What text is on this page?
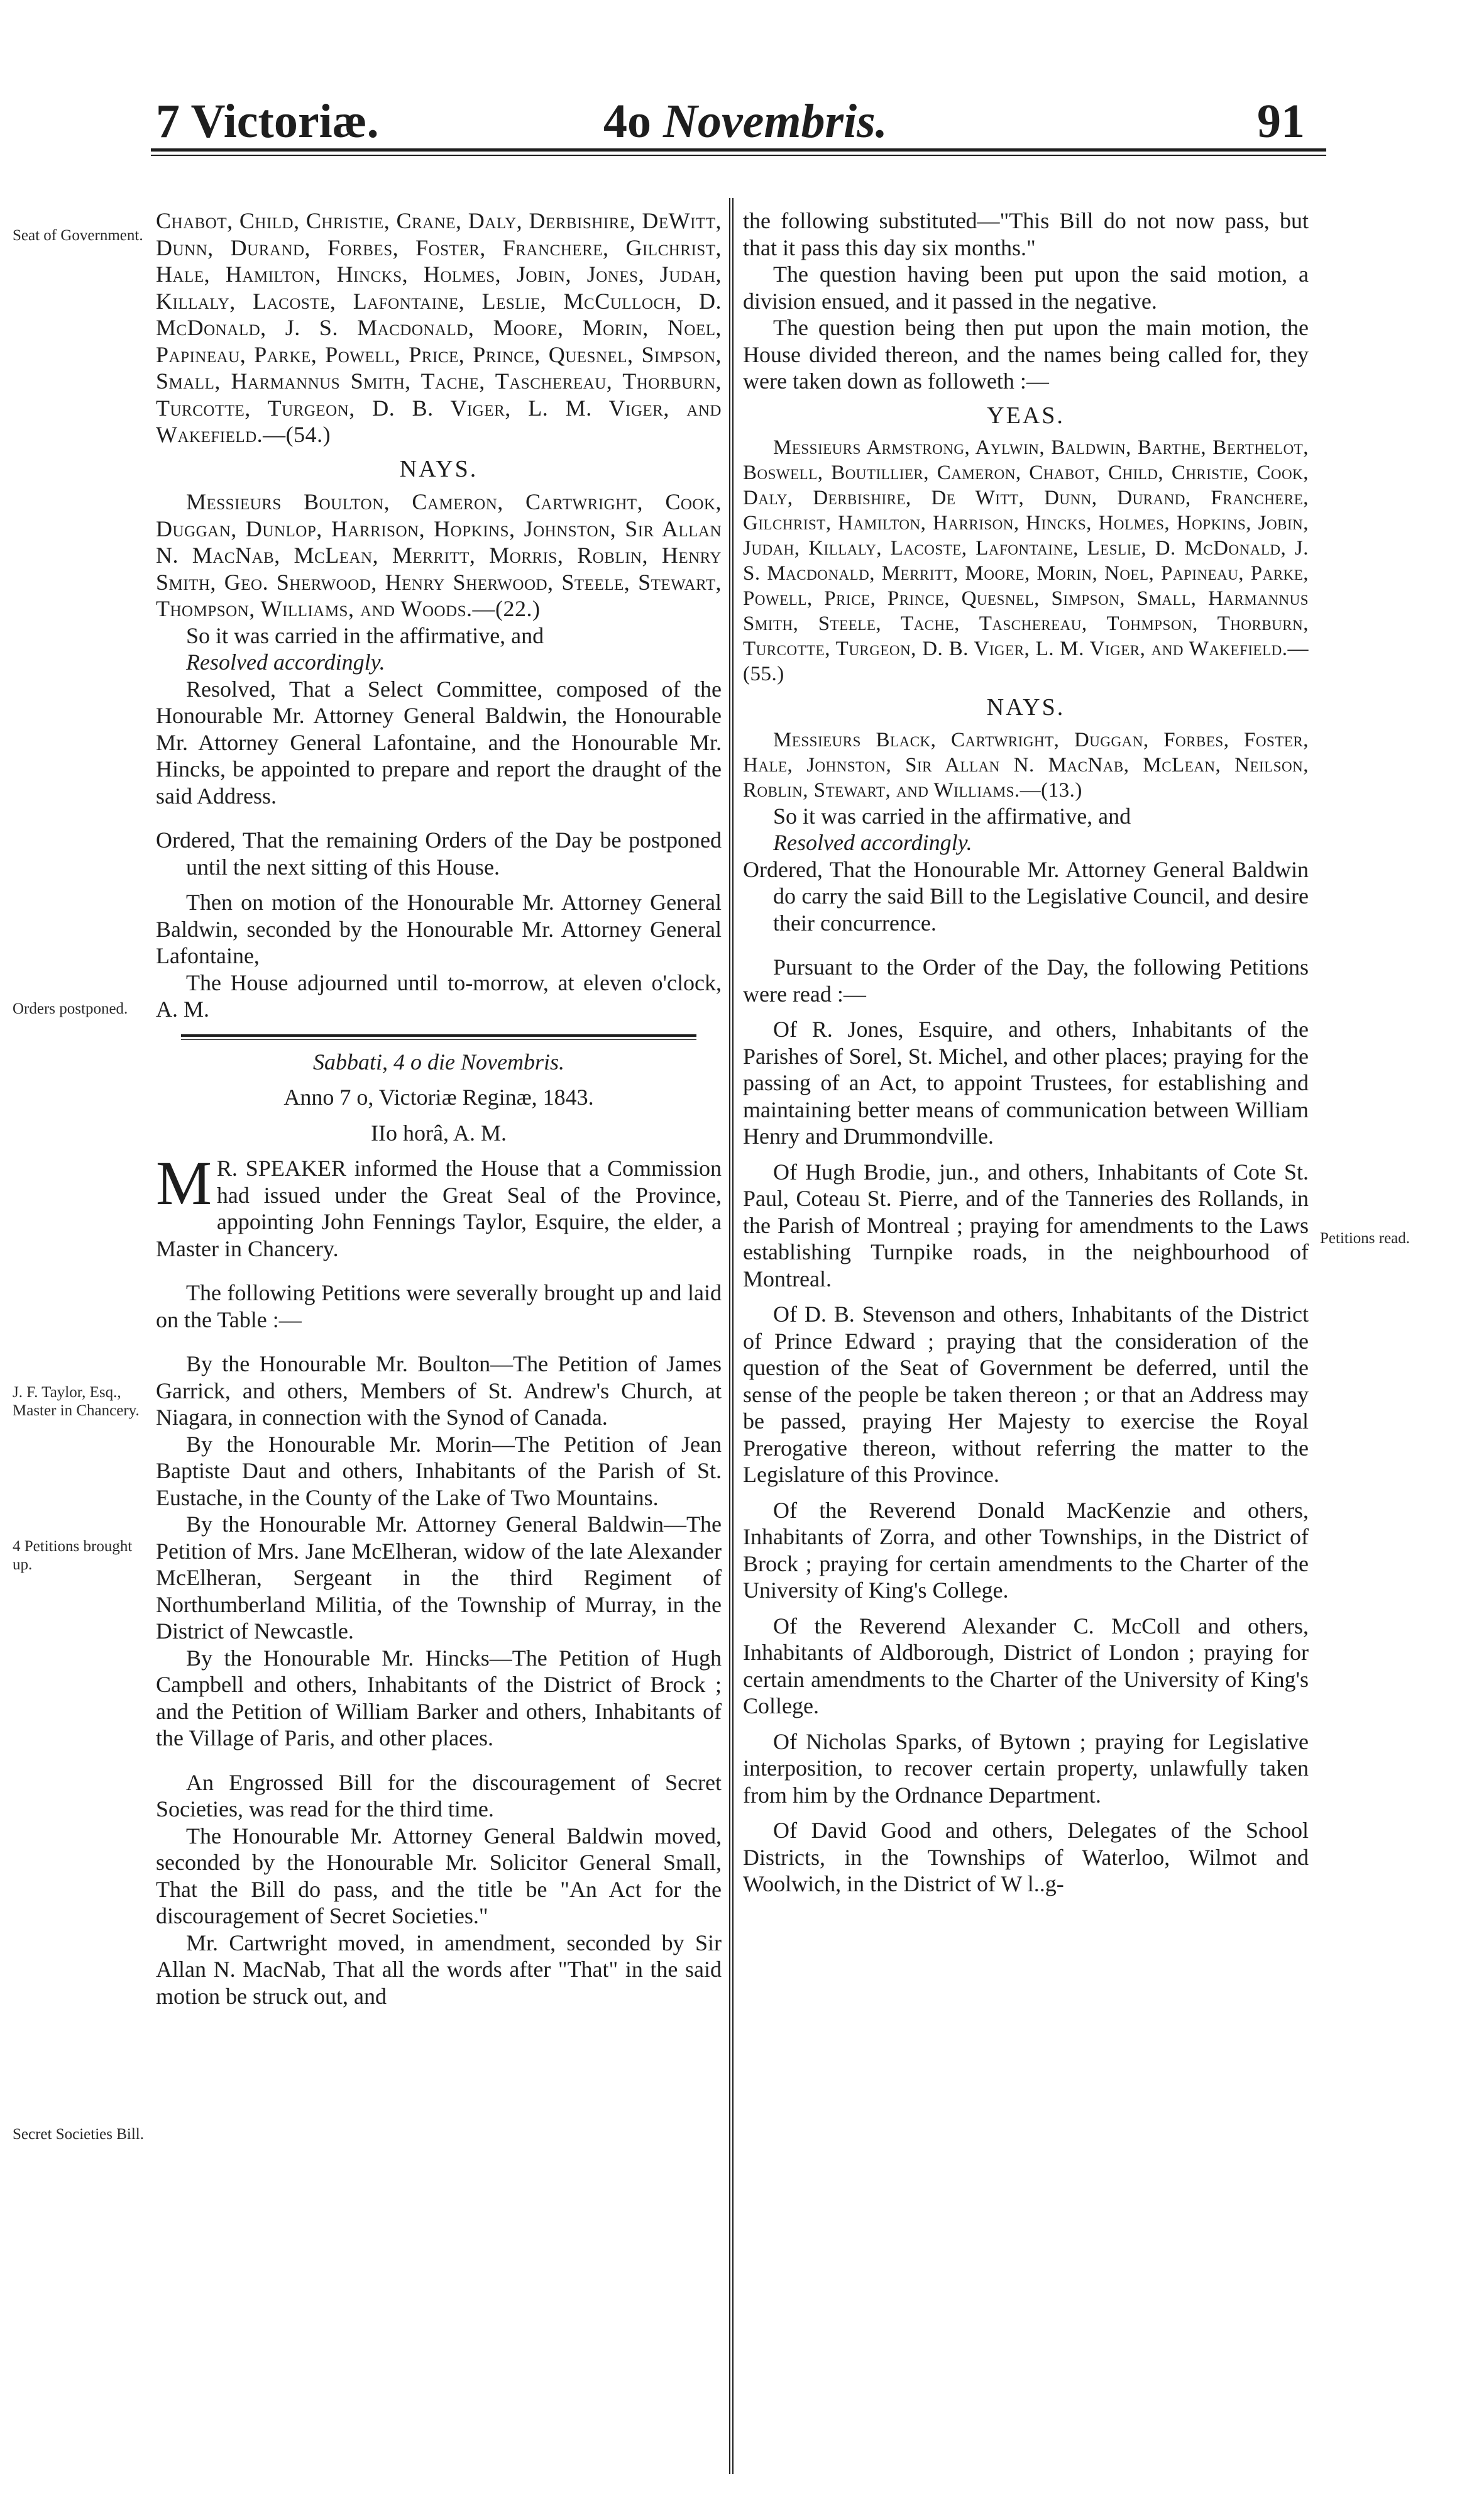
7 Victoriæ.	4o Novembris.	91
Seat of Government.
Orders postponed.
J. F. Taylor, Esq., Master in Chancery.
4 Petitions brought up.
Secret Societies Bill.
Petitions read.

Chabot, Child, Christie, Crane, Daly, Derbishire, DeWitt, Dunn, Durand, Forbes, Foster, Franchere, Gilchrist, Hale, Hamilton, Hincks, Holmes, Jobin, Jones, Judah, Killaly, Lacoste, Lafontaine, Leslie, McCulloch, D. McDonald, J. S. Macdonald, Moore, Morin, Noel, Papineau, Parke, Powell, Price, Prince, Quesnel, Simpson, Small, Harmannus Smith, Tache, Taschereau, Thorburn, Turcotte, Turgeon, D. B. Viger, L. M. Viger, and Wakefield.—(54.)

NAYS.

Messieurs Boulton, Cameron, Cartwright, Cook, Duggan, Dunlop, Harrison, Hopkins, Johnston, Sir Allan N. MacNab, McLean, Merritt, Morris, Roblin, Henry Smith, Geo. Sherwood, Henry Sherwood, Steele, Stewart, Thompson, Williams, and Woods.—(22.)

So it was carried in the affirmative, and

Resolved accordingly.

Resolved, That a Select Committee, composed of the Honourable Mr. Attorney General Baldwin, the Honourable Mr. Attorney General Lafontaine, and the Honourable Mr. Hincks, be appointed to prepare and report the draught of the said Address.

Ordered, That the remaining Orders of the Day be postponed until the next sitting of this House.

Then on motion of the Honourable Mr. Attorney General Baldwin, seconded by the Honourable Mr. Attorney General Lafontaine,

The House adjourned until to-morrow, at eleven o'clock, A. M.

Sabbati, 4 o die Novembris.

Anno 7 o, Victoriæ Reginæ, 1843.

IIo horâ, A. M.

M R. SPEAKER informed the House that a Commission had issued under the Great Seal of the Province, appointing John Fennings Taylor, Esquire, the elder, a Master in Chancery.

The following Petitions were severally brought up and laid on the Table :—

By the Honourable Mr. Boulton—The Petition of James Garrick, and others, Members of St. Andrew's Church, at Niagara, in connection with the Synod of Canada.

By the Honourable Mr. Morin—The Petition of Jean Baptiste Daut and others, Inhabitants of the Parish of St. Eustache, in the County of the Lake of Two Mountains.

By the Honourable Mr. Attorney General Baldwin—The Petition of Mrs. Jane McElheran, widow of the late Alexander McElheran, Sergeant in the third Regiment of Northumberland Militia, of the Township of Murray, in the District of Newcastle.

By the Honourable Mr. Hincks—The Petition of Hugh Campbell and others, Inhabitants of the District of Brock ; and the Petition of William Barker and others, Inhabitants of the Village of Paris, and other places.

An Engrossed Bill for the discouragement of Secret Societies, was read for the third time.

The Honourable Mr. Attorney General Baldwin moved, seconded by the Honourable Mr. Solicitor General Small, That the Bill do pass, and the title be "An Act for the discouragement of Secret Societies."

Mr. Cartwright moved, in amendment, seconded by Sir Allan N. MacNab, That all the words after "That" in the said motion be struck out, and

the following substituted—"This Bill do not now pass, but that it pass this day six months."

The question having been put upon the said motion, a division ensued, and it passed in the negative.

The question being then put upon the main motion, the House divided thereon, and the names being called for, they were taken down as followeth :—

YEAS.

Messieurs Armstrong, Aylwin, Baldwin, Barthe, Berthelot, Boswell, Boutillier, Cameron, Chabot, Child, Christie, Cook, Daly, Derbishire, De Witt, Dunn, Durand, Franchere, Gilchrist, Hamilton, Harrison, Hincks, Holmes, Hopkins, Jobin, Judah, Killaly, Lacoste, Lafontaine, Leslie, D. McDonald, J. S. Macdonald, Merritt, Moore, Morin, Noel, Papineau, Parke, Powell, Price, Prince, Quesnel, Simpson, Small, Harmannus Smith, Steele, Tache, Taschereau, Tohmpson, Thorburn, Turcotte, Turgeon, D. B. Viger, L. M. Viger, and Wakefield.—(55.)

NAYS.

Messieurs Black, Cartwright, Duggan, Forbes, Foster, Hale, Johnston, Sir Allan N. MacNab, McLean, Neilson, Roblin, Stewart, and Williams.—(13.)

So it was carried in the affirmative, and

Resolved accordingly.

Ordered, That the Honourable Mr. Attorney General Baldwin do carry the said Bill to the Legislative Council, and desire their concurrence.

Pursuant to the Order of the Day, the following Petitions were read :—

Of R. Jones, Esquire, and others, Inhabitants of the Parishes of Sorel, St. Michel, and other places; praying for the passing of an Act, to appoint Trustees, for establishing and maintaining better means of communication between William Henry and Drummondville.

Of Hugh Brodie, jun., and others, Inhabitants of Cote St. Paul, Coteau St. Pierre, and of the Tanneries des Rollands, in the Parish of Montreal ; praying for amendments to the Laws establishing Turnpike roads, in the neighbourhood of Montreal.

Of D. B. Stevenson and others, Inhabitants of the District of Prince Edward ; praying that the consideration of the question of the Seat of Government be deferred, until the sense of the people be taken thereon ; or that an Address may be passed, praying Her Majesty to exercise the Royal Prerogative thereon, without referring the matter to the Legislature of this Province.

Of the Reverend Donald MacKenzie and others, Inhabitants of Zorra, and other Townships, in the District of Brock ; praying for certain amendments to the Charter of the University of King's College.

Of the Reverend Alexander C. McColl and others, Inhabitants of Aldborough, District of London ; praying for certain amendments to the Charter of the University of King's College.

Of Nicholas Sparks, of Bytown ; praying for Legislative interposition, to recover certain property, unlawfully taken from him by the Ordnance Department.

Of David Good and others, Delegates of the School Districts, in the Townships of Waterloo, Wilmot and Woolwich, in the District of W l..g-
